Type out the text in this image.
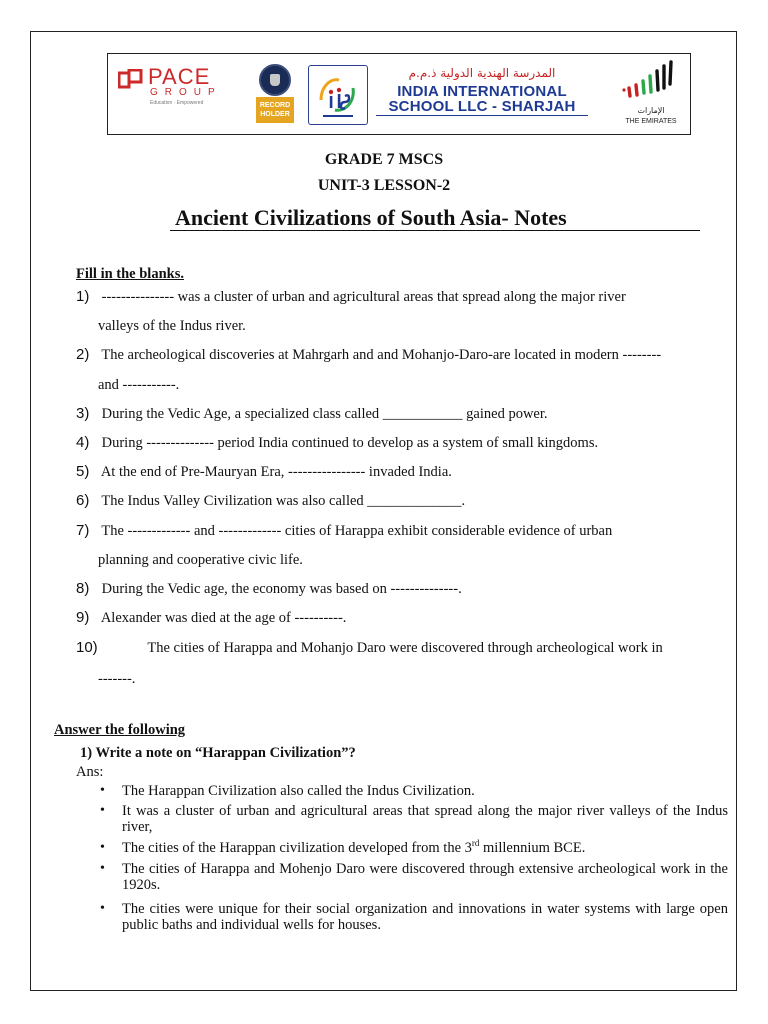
PACE
GROUP
Education · Empowered	RECORD HOLDER
المدرسة الهندية الدولية ذ.م.م
INDIA INTERNATIONAL
SCHOOL LLC - SHARJAH	الإمارات
THE EMIRATES
GRADE 7 MSCS
UNIT-3 LESSON-2
Ancient Civilizations of South Asia- Notes
Fill in the blanks.
1) --------------- was a cluster of urban and agricultural areas that spread along the major river
valleys of the Indus river.
2) The archeological discoveries at Mahrgarh and and Mohanjo-Daro-are located in modern --------
and -----------.
3) During the Vedic Age, a specialized class called ___________ gained power.
4) During -------------- period India continued to develop as a system of small kingdoms.
5) At the end of Pre-Mauryan Era, ---------------- invaded India.
6) The Indus Valley Civilization was also called _____________.
7) The ------------- and ------------- cities of Harappa exhibit considerable evidence of urban
planning and cooperative civic life.
8) During the Vedic age, the economy was based on --------------.
9) Alexander was died at the age of ----------.
10)	The cities of Harappa and Mohanjo Daro were discovered through archeological work in
-------.
Answer the following
1) Write a note on “Harappan Civilization”?
Ans:
• The Harappan Civilization also called the Indus Civilization.
• It was a cluster of urban and agricultural areas that spread along the major river valleys of the Indus river,
• The cities of the Harappan civilization developed from the 3rd millennium BCE.
• The cities of Harappa and Mohenjo Daro were discovered through extensive archeological work in the 1920s.
• The cities were unique for their social organization and innovations in water systems with large open public baths and individual wells for houses.
